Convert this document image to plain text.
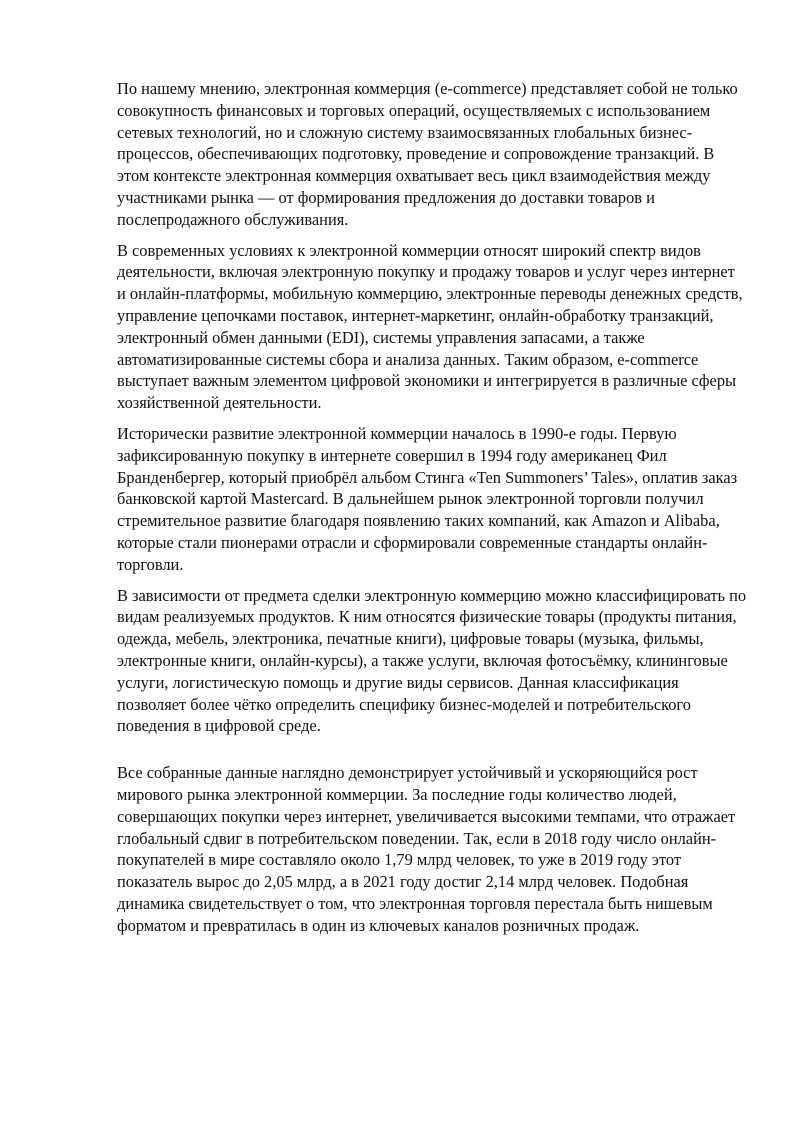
По нашему мнению, электронная коммерция (e-commerce) представляет собой не только совокупность финансовых и торговых операций, осуществляемых с использованием сетевых технологий, но и сложную систему взаимосвязанных глобальных бизнес-процессов, обеспечивающих подготовку, проведение и сопровождение транзакций. В этом контексте электронная коммерция охватывает весь цикл взаимодействия между участниками рынка — от формирования предложения до доставки товаров и послепродажного обслуживания.

В современных условиях к электронной коммерции относят широкий спектр видов деятельности, включая электронную покупку и продажу товаров и услуг через интернет и онлайн-платформы, мобильную коммерцию, электронные переводы денежных средств, управление цепочками поставок, интернет-маркетинг, онлайн-обработку транзакций, электронный обмен данными (EDI), системы управления запасами, а также автоматизированные системы сбора и анализа данных. Таким образом, e-commerce выступает важным элементом цифровой экономики и интегрируется в различные сферы хозяйственной деятельности.

Исторически развитие электронной коммерции началось в 1990-е годы. Первую зафиксированную покупку в интернете совершил в 1994 году американец Фил Бранденбергер, который приобрёл альбом Стинга «Ten Summoners’ Tales», оплатив заказ банковской картой Mastercard. В дальнейшем рынок электронной торговли получил стремительное развитие благодаря появлению таких компаний, как Amazon и Alibaba, которые стали пионерами отрасли и сформировали современные стандарты онлайн-торговли.

В зависимости от предмета сделки электронную коммерцию можно классифицировать по видам реализуемых продуктов. К ним относятся физические товары (продукты питания, одежда, мебель, электроника, печатные книги), цифровые товары (музыка, фильмы, электронные книги, онлайн-курсы), а также услуги, включая фотосъёмку, клининговые услуги, логистическую помощь и другие виды сервисов. Данная классификация позволяет более чётко определить специфику бизнес-моделей и потребительского поведения в цифровой среде.

Все собранные данные наглядно демонстрирует устойчивый и ускоряющийся рост мирового рынка электронной коммерции. За последние годы количество людей, совершающих покупки через интернет, увеличивается высокими темпами, что отражает глобальный сдвиг в потребительском поведении. Так, если в 2018 году число онлайн-покупателей в мире составляло около 1,79 млрд человек, то уже в 2019 году этот показатель вырос до 2,05 млрд, а в 2021 году достиг 2,14 млрд человек. Подобная динамика свидетельствует о том, что электронная торговля перестала быть нишевым форматом и превратилась в один из ключевых каналов розничных продаж.
